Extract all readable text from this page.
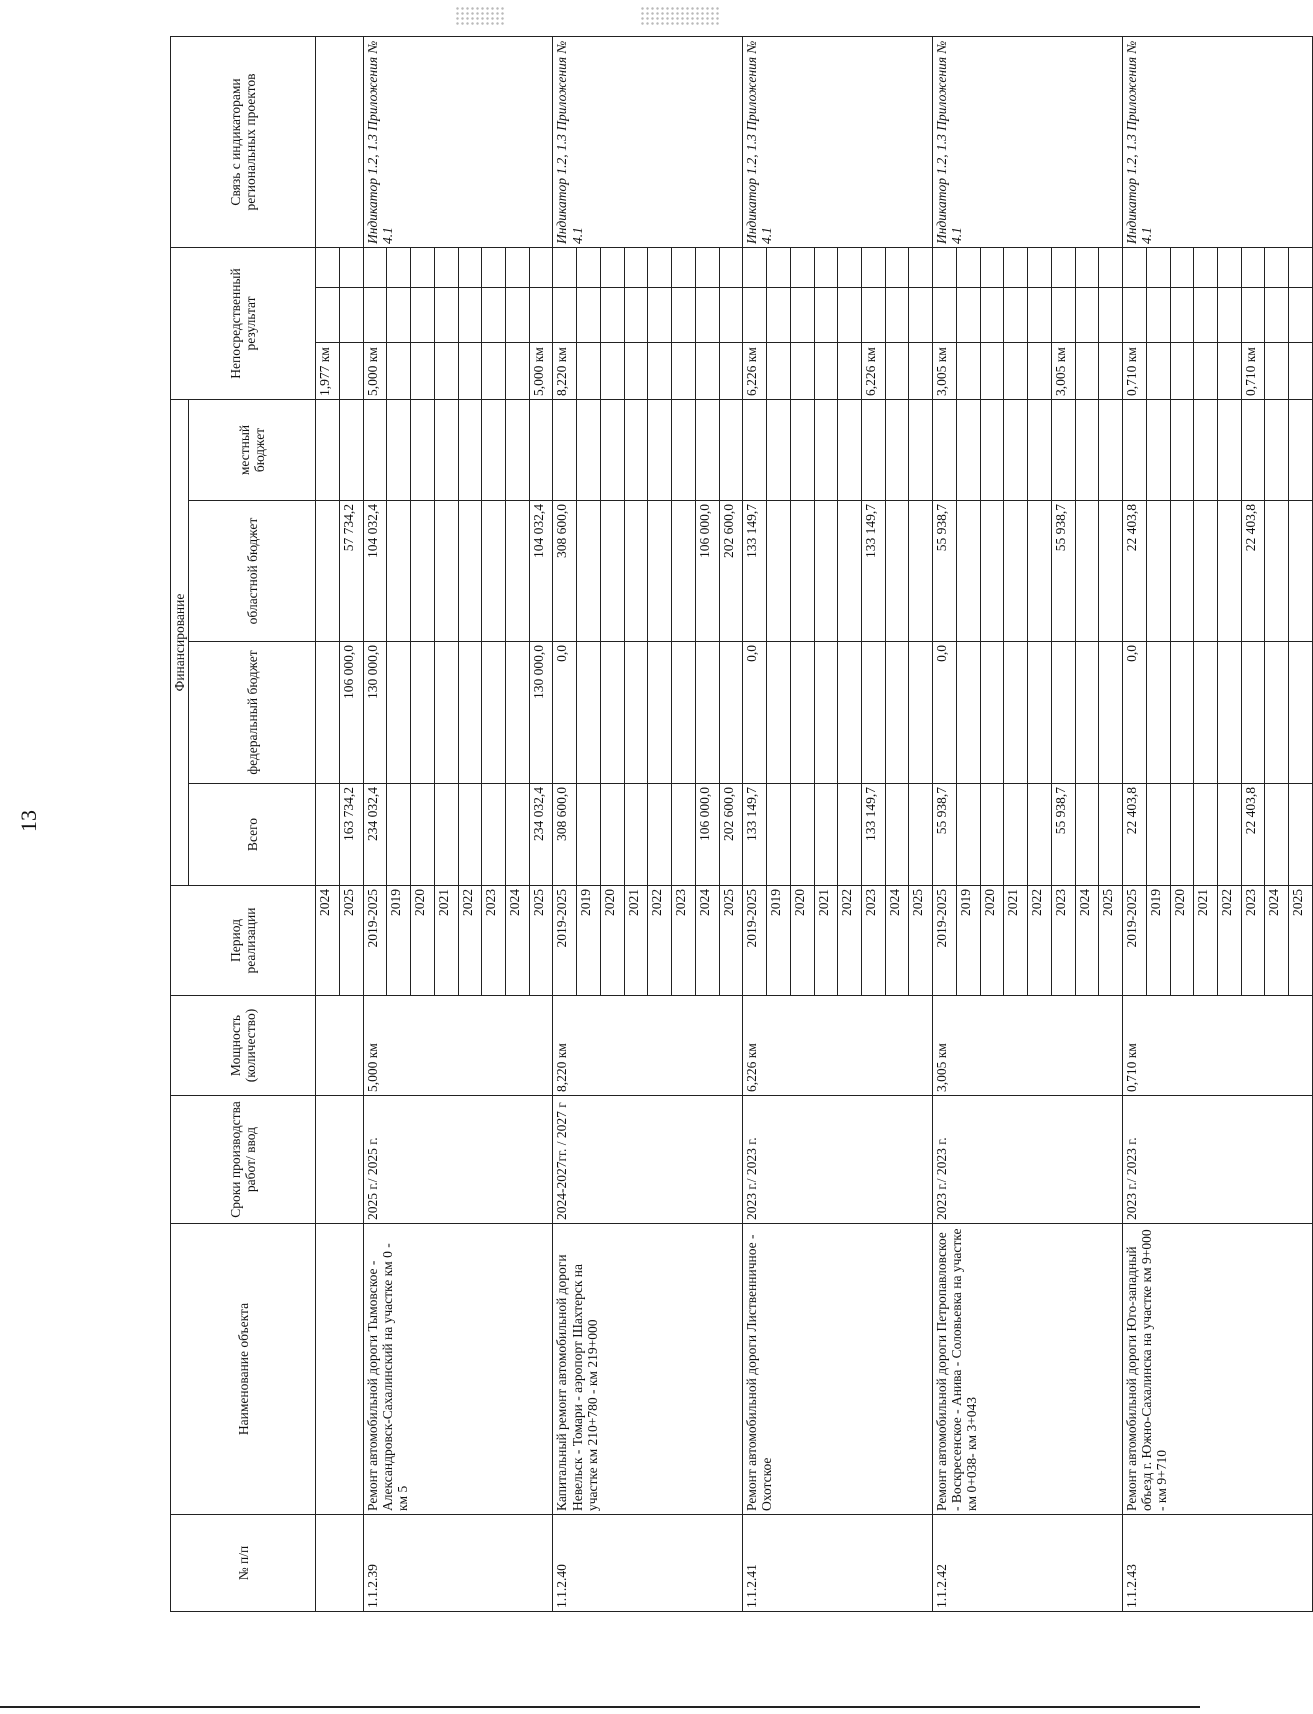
13
№ п/п	Наименование объекта	Сроки производства работ/ ввод	Мощность (количество)	Период реализации	Финансирование				Непосредственный результат			Связь с индикаторами региональных проектов
					Всего	федеральный бюджет	областной бюджет	местный бюджет				
				2024					1,977 км			
				2025	163 734,2	106 000,0	57 734,2					
1.1.2.39	Ремонт автомобильной дороги Тымовское - Александровск-Сахалинский на участке км 0 - км 5	2025 г./ 2025 г.	5,000 км	2019-2025	234 032,4	130 000,0	104 032,4		5,000 км			Индикатор 1.2, 1.3 Приложения № 4.1
				2019								
				2020								
				2021								
				2022								
				2023								
				2024								
				2025	234 032,4	130 000,0	104 032,4		5,000 км			
1.1.2.40	Капитальный ремонт автомобильной дороги Невельск - Томари - аэропорт Шахтерск на участке км 210+780 - км 219+000	2024-2027гг. / 2027 г	8,220 км	2019-2025	308 600,0	0,0	308 600,0		8,220 км			Индикатор 1.2, 1.3 Приложения № 4.1
				2019								
				2020								
				2021								
				2022								
				2023								
				2024	106 000,0		106 000,0					
				2025	202 600,0		202 600,0					
1.1.2.41	Ремонт автомобильной дороги Лиственничное - Охотское	2023 г./ 2023 г.	6,226 км	2019-2025	133 149,7	0,0	133 149,7		6,226 км			Индикатор 1.2, 1.3 Приложения № 4.1
				2019								
				2020								
				2021								
				2022								
				2023	133 149,7		133 149,7		6,226 км			
				2024								
				2025								
1.1.2.42	Ремонт автомобильной дороги Петропавловское - Воскресенское - Анива - Соловьевка на участке км 0+038- км 3+043	2023 г./ 2023 г.	3,005 км	2019-2025	55 938,7	0,0	55 938,7		3,005 км			Индикатор 1.2, 1.3 Приложения № 4.1
				2019								
				2020								
				2021								
				2022								
				2023	55 938,7		55 938,7		3,005 км			
				2024								
				2025								
1.1.2.43	Ремонт автомобильной дороги Юго-западный объезд г. Южно-Сахалинска на участке км 9+000 - км 9+710	2023 г./ 2023 г.	0,710 км	2019-2025	22 403,8	0,0	22 403,8		0,710 км			Индикатор 1.2, 1.3 Приложения № 4.1
				2019								
				2020								
				2021								
				2022								
				2023	22 403,8		22 403,8		0,710 км			
				2024								
				2025								
